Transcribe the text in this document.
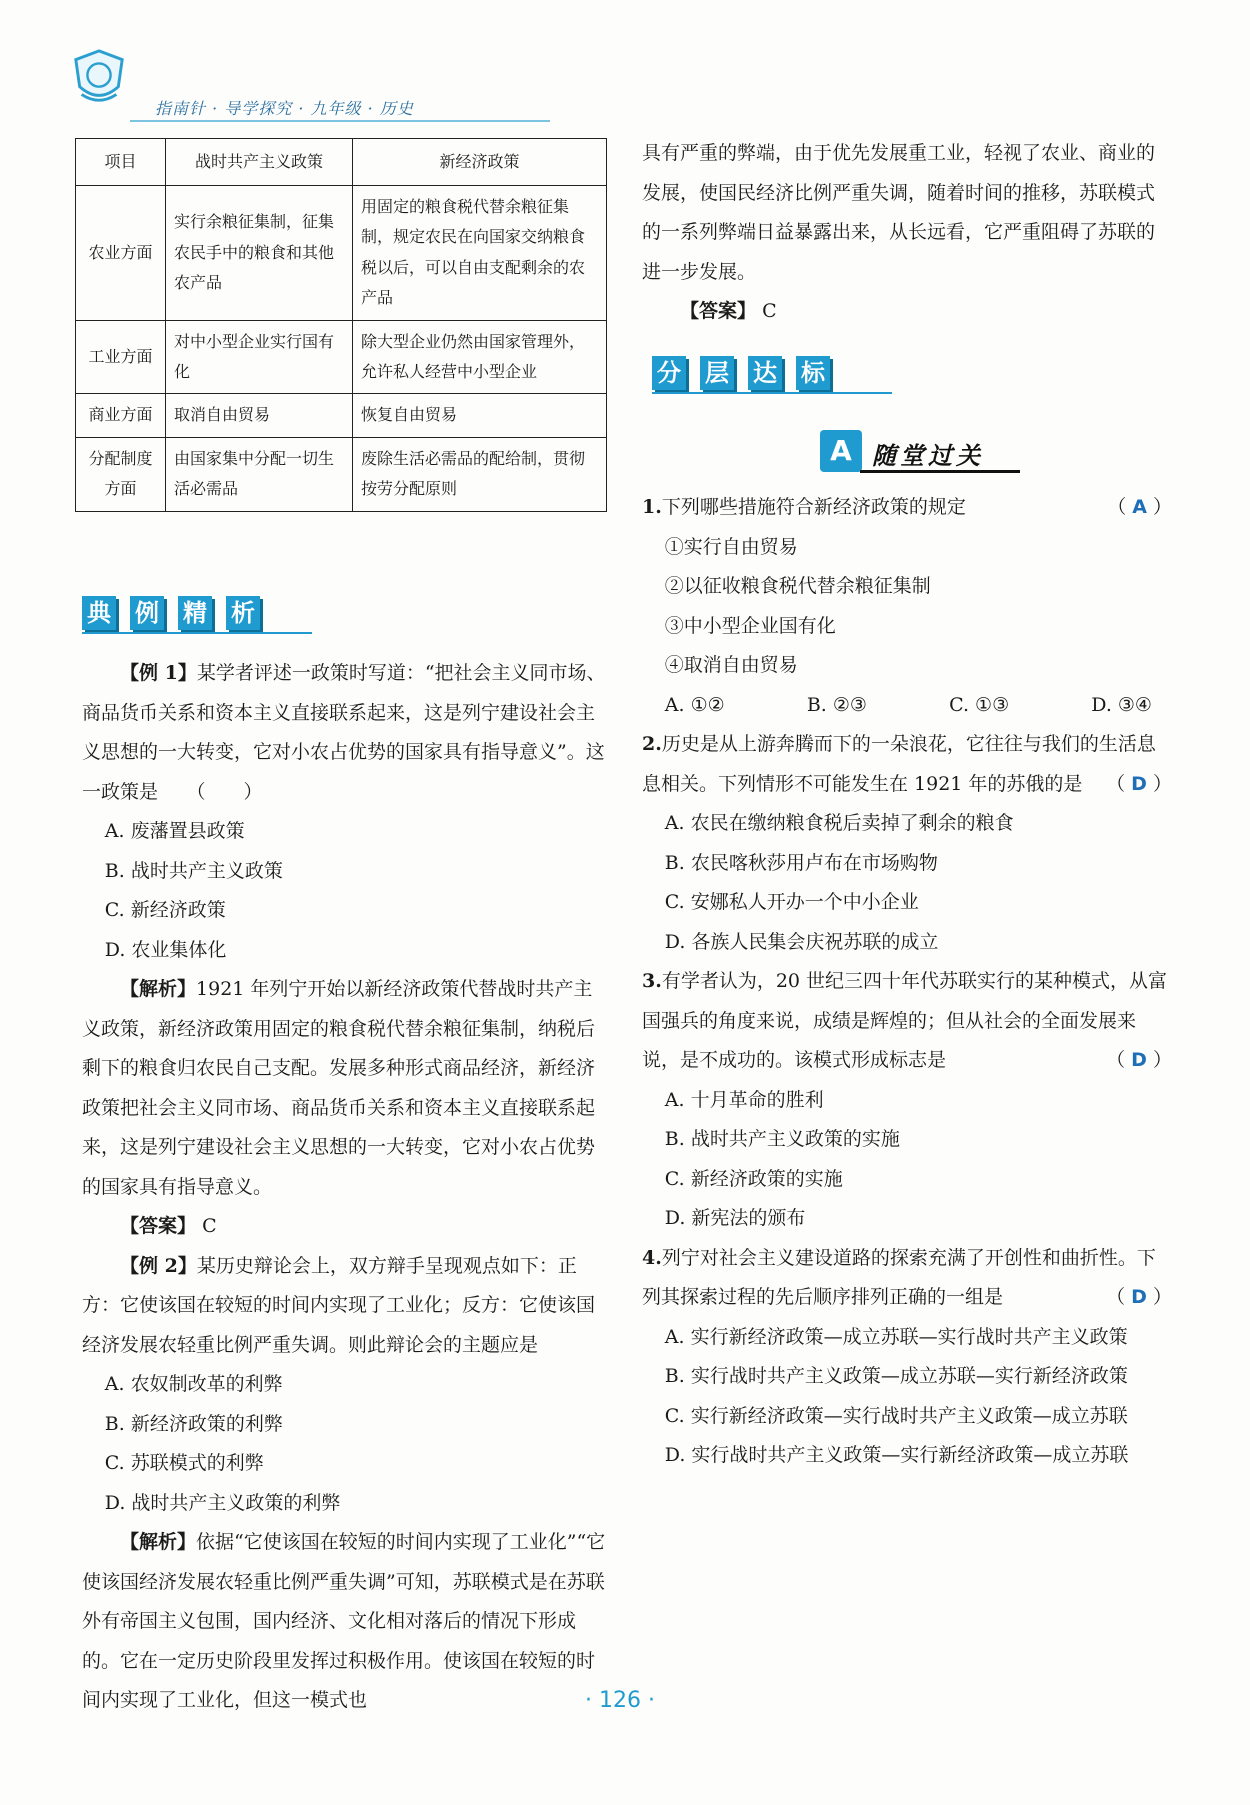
指南针 · 导学探究 · 九年级 · 历史
项目	战时共产主义政策	新经济政策
农业方面	实行余粮征集制，征集农民手中的粮食和其他农产品	用固定的粮食税代替余粮征集制，规定农民在向国家交纳粮食税以后，可以自由支配剩余的农产品
工业方面	对中小型企业实行国有化	除大型企业仍然由国家管理外，允许私人经营中小型企业
商业方面	取消自由贸易	恢复自由贸易
分配制度方面	由国家集中分配一切生活必需品	废除生活必需品的配给制，贯彻按劳分配原则
典 例 精 析

【例 1】某学者评述一政策时写道：“把社会主义同市场、商品货币关系和资本主义直接联系起来，这是列宁建设社会主义思想的一大转变，它对小农占优势的国家具有指导意义”。这一政策是　　（　　）

A. 废藩置县政策
B. 战时共产主义政策
C. 新经济政策
D. 农业集体化

【解析】1921 年列宁开始以新经济政策代替战时共产主义政策，新经济政策用固定的粮食税代替余粮征集制，纳税后剩下的粮食归农民自己支配。发展多种形式商品经济，新经济政策把社会主义同市场、商品货币关系和资本主义直接联系起来，这是列宁建设社会主义思想的一大转变，它对小农占优势的国家具有指导意义。

【答案】 C

【例 2】某历史辩论会上，双方辩手呈现观点如下：正方：它使该国在较短的时间内实现了工业化；反方：它使该国经济发展农轻重比例严重失调。则此辩论会的主题应是

A. 农奴制改革的利弊

B. 新经济政策的利弊

C. 苏联模式的利弊

D. 战时共产主义政策的利弊

【解析】依据“它使该国在较短的时间内实现了工业化”“它使该国经济发展农轻重比例严重失调”可知，苏联模式是在苏联外有帝国主义包围，国内经济、文化相对落后的情况下形成的。它在一定历史阶段里发挥过积极作用。使该国在较短的时间内实现了工业化，但这一模式也

具有严重的弊端，由于优先发展重工业，轻视了农业、商业的发展，使国民经济比例严重失调，随着时间的推移，苏联模式的一系列弊端日益暴露出来，从长远看，它严重阻碍了苏联的进一步发展。

【答案】 C

分 层 达 标
A 随堂过关

1.下列哪些措施符合新经济政策的规定	（ A ）

①实行自由贸易

②以征收粮食税代替余粮征集制

③中小型企业国有化

④取消自由贸易

A. ①②	B. ②③	C. ①③	D. ③④

2.历史是从上游奔腾而下的一朵浪花，它往往与我们的生活息息相关。下列情形不可能发生在 1921 年的苏俄的是 （ D ）

A. 农民在缴纳粮食税后卖掉了剩余的粮食

B. 农民喀秋莎用卢布在市场购物

C. 安娜私人开办一个中小企业

D. 各族人民集会庆祝苏联的成立

3.有学者认为，20 世纪三四十年代苏联实行的某种模式，从富国强兵的角度来说，成绩是辉煌的；但从社会的全面发展来说，是不成功的。该模式形成标志是	（ D ）

A. 十月革命的胜利

B. 战时共产主义政策的实施

C. 新经济政策的实施

D. 新宪法的颁布

4.列宁对社会主义建设道路的探索充满了开创性和曲折性。下列其探索过程的先后顺序排列正确的一组是	（ D ）

A. 实行新经济政策—成立苏联—实行战时共产主义政策

B. 实行战时共产主义政策—成立苏联—实行新经济政策

C. 实行新经济政策—实行战时共产主义政策—成立苏联

D. 实行战时共产主义政策—实行新经济政策—成立苏联

· 126 ·
